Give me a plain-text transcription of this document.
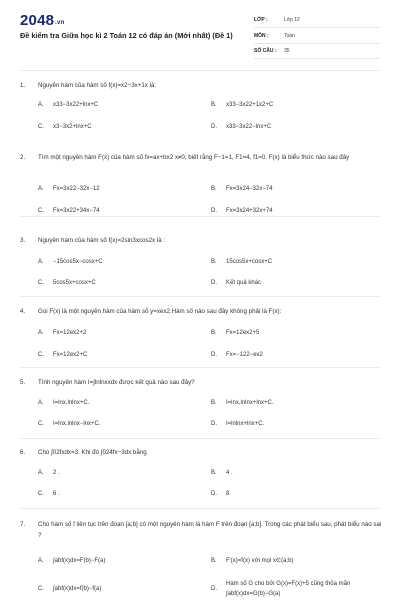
2048.vn
Đề kiểm tra Giữa học kì 2 Toán 12 có đáp án (Mới nhất) (Đề 1)
LỚP :	Lớp 12
MÔN :	Toán
SỐ CÂU : 35
1. Nguyên hàm của hàm số f(x)=x2−3x+1x là:
A. x33−3x22+lnx+C	B. x33−3x22+1x2+C
C. x3−3x2+lnx+C	D. x33−3x22−lnx+C
2. Tìm một nguyên hàm F(x) của hàm số fx=ax+bx2 x≠0, biết rằng F−1=1, F1=4, f1=0. F(x) là biểu thức nào sau đây
A. Fx=3x22−32x−12	B. Fx=3x24−32x−74
C. Fx=3x22+34x−74	D. Fx=3x24+32x+74
3. Nguyên hàm của hàm số f(x)=2sin3xcos2x là :
A. −15cos5x−cosx+C	B. 15cos5x+cosx+C
C. 5cos5x+cosx+C	D. Kết quả khác
4. Gọi F(x) là một nguyên hàm của hàm số y=xex2.Hàm số nào sau đây không phải là F(x):
A. Fx=12ex2+2	B. Fx=12ex2+5
C. Fx=12ex2+C	D. Fx=−122−ex2
5. Tính nguyên hàm I=∫lnlnxxdx được kết quả nào sau đây?
A. I=lnx.lnlnx+C.	B. I=lnx.lnlnx+lnx+C.
C. I=lnx.lnlnx−lnx+C.	D. I=lnlnx+lnx+C.
6. Cho ∫02fxdx=3. Khi đó ∫024fx−3dx bằng
A. 2 .	B. 4 .
C. 6 .	D. 8
7. Cho hàm số f liên tục trên đoạn [a;b] có một nguyên hàm là hàm F trên đoạn [a;b]. Trong các phát biểu sau, phát biểu nào sai ?
A. ∫abf(x)dx=F(b)−F(a)	B. F'(x)=f(x) với mọi x∈(a;b)
C. ∫abf(x)dx=f(b)−f(a)	D.
Hàm số G cho bởi G(x)=F(x)+5 cũng thỏa mãn ∫abf(x)dx=G(b)−G(a)
